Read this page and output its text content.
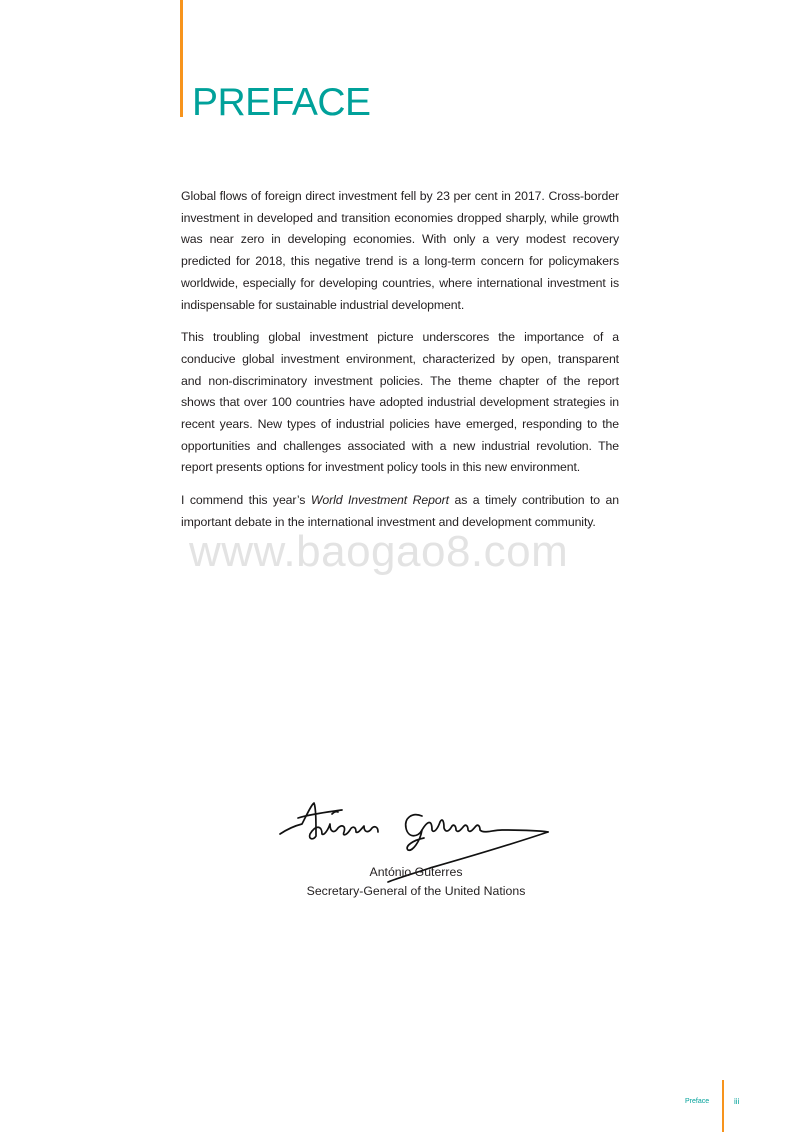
PREFACE

Global flows of foreign direct investment fell by 23 per cent in 2017. Cross-border investment in developed and transition economies dropped sharply, while growth was near zero in developing economies. With only a very modest recovery predicted for 2018, this negative trend is a long-term concern for policymakers worldwide, especially for developing countries, where international investment is indispensable for sustainable industrial development.

This troubling global investment picture underscores the importance of a conducive global investment environment, characterized by open, transparent and non-discriminatory investment policies. The theme chapter of the report shows that over 100 countries have adopted industrial development strategies in recent years. New types of industrial policies have emerged, responding to the opportunities and challenges associated with a new industrial revolution. The report presents options for investment policy tools in this new environment.

I commend this year’s World Investment Report as a timely contribution to an important debate in the international investment and development community.

www.baogao8.com
António Guterres
Secretary-General of the United Nations
Preface	iii
